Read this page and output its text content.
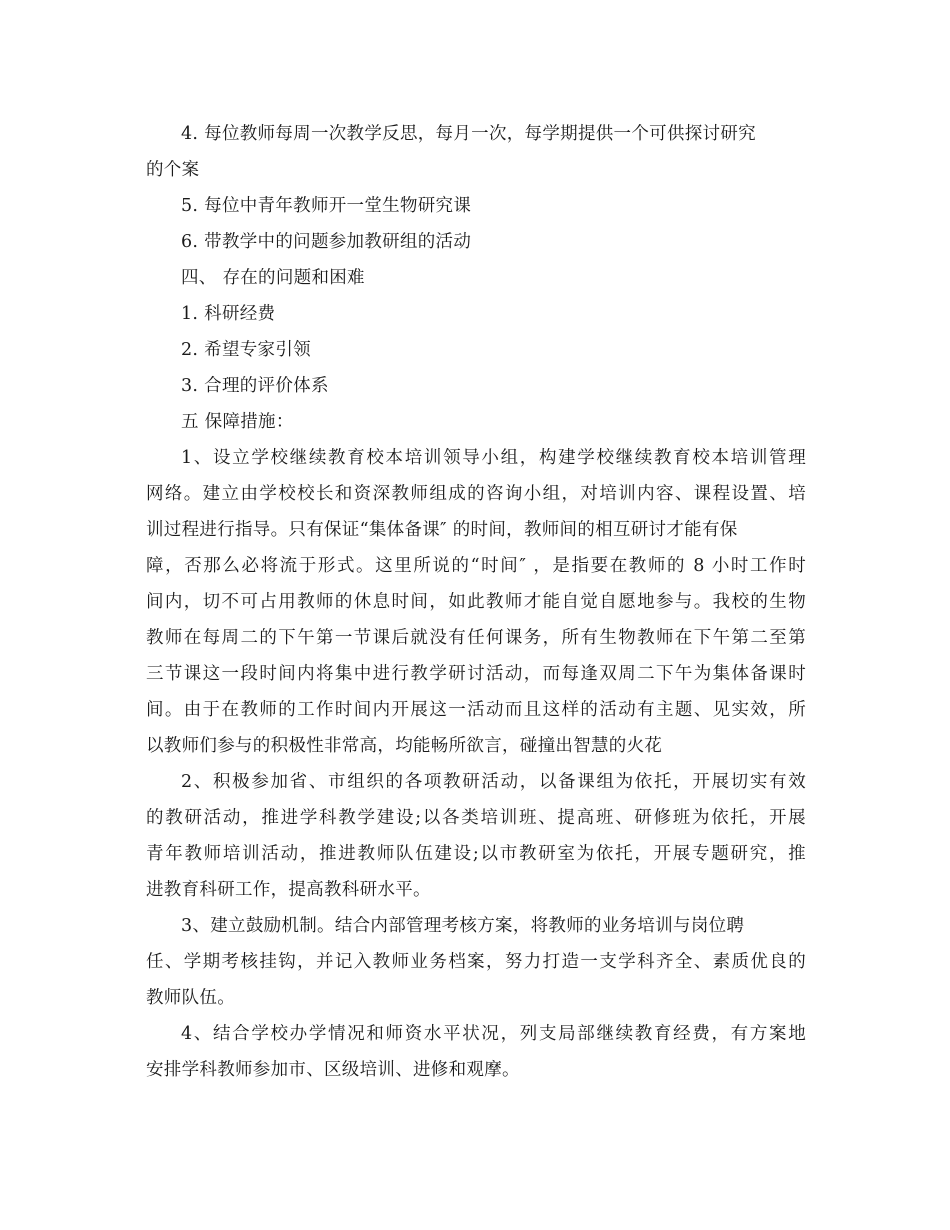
4. 每位教师每周一次教学反思，每月一次，每学期提供一个可供探讨研究
的个案
5. 每位中青年教师开一堂生物研究课
6. 带教学中的问题参加教研组的活动
四、 存在的问题和困难
1. 科研经费
2. 希望专家引领
3. 合理的评价体系
五 保障措施：
1、设立学校继续教育校本培训领导小组，构建学校继续教育校本培训管理
网络。建立由学校校长和资深教师组成的咨询小组，对培训内容、课程设置、培
训过程进行指导。只有保证“集体备课″ 的时间，教师间的相互研讨才能有保
障，否那么必将流于形式。这里所说的“时间″ ，是指要在教师的 8 小时工作时
间内，切不可占用教师的休息时间，如此教师才能自觉自愿地参与。我校的生物
教师在每周二的下午第一节课后就没有任何课务，所有生物教师在下午第二至第
三节课这一段时间内将集中进行教学研讨活动，而每逢双周二下午为集体备课时
间。由于在教师的工作时间内开展这一活动而且这样的活动有主题、见实效，所
以教师们参与的积极性非常高，均能畅所欲言，碰撞出智慧的火花
2、积极参加省、市组织的各项教研活动，以备课组为依托，开展切实有效
的教研活动，推进学科教学建设;以各类培训班、提高班、研修班为依托，开展
青年教师培训活动，推进教师队伍建设;以市教研室为依托，开展专题研究，推
进教育科研工作，提高教科研水平。
3、建立鼓励机制。结合内部管理考核方案，将教师的业务培训与岗位聘
任、学期考核挂钩，并记入教师业务档案，努力打造一支学科齐全、素质优良的
教师队伍。
4、结合学校办学情况和师资水平状况，列支局部继续教育经费，有方案地
安排学科教师参加市、区级培训、进修和观摩。
